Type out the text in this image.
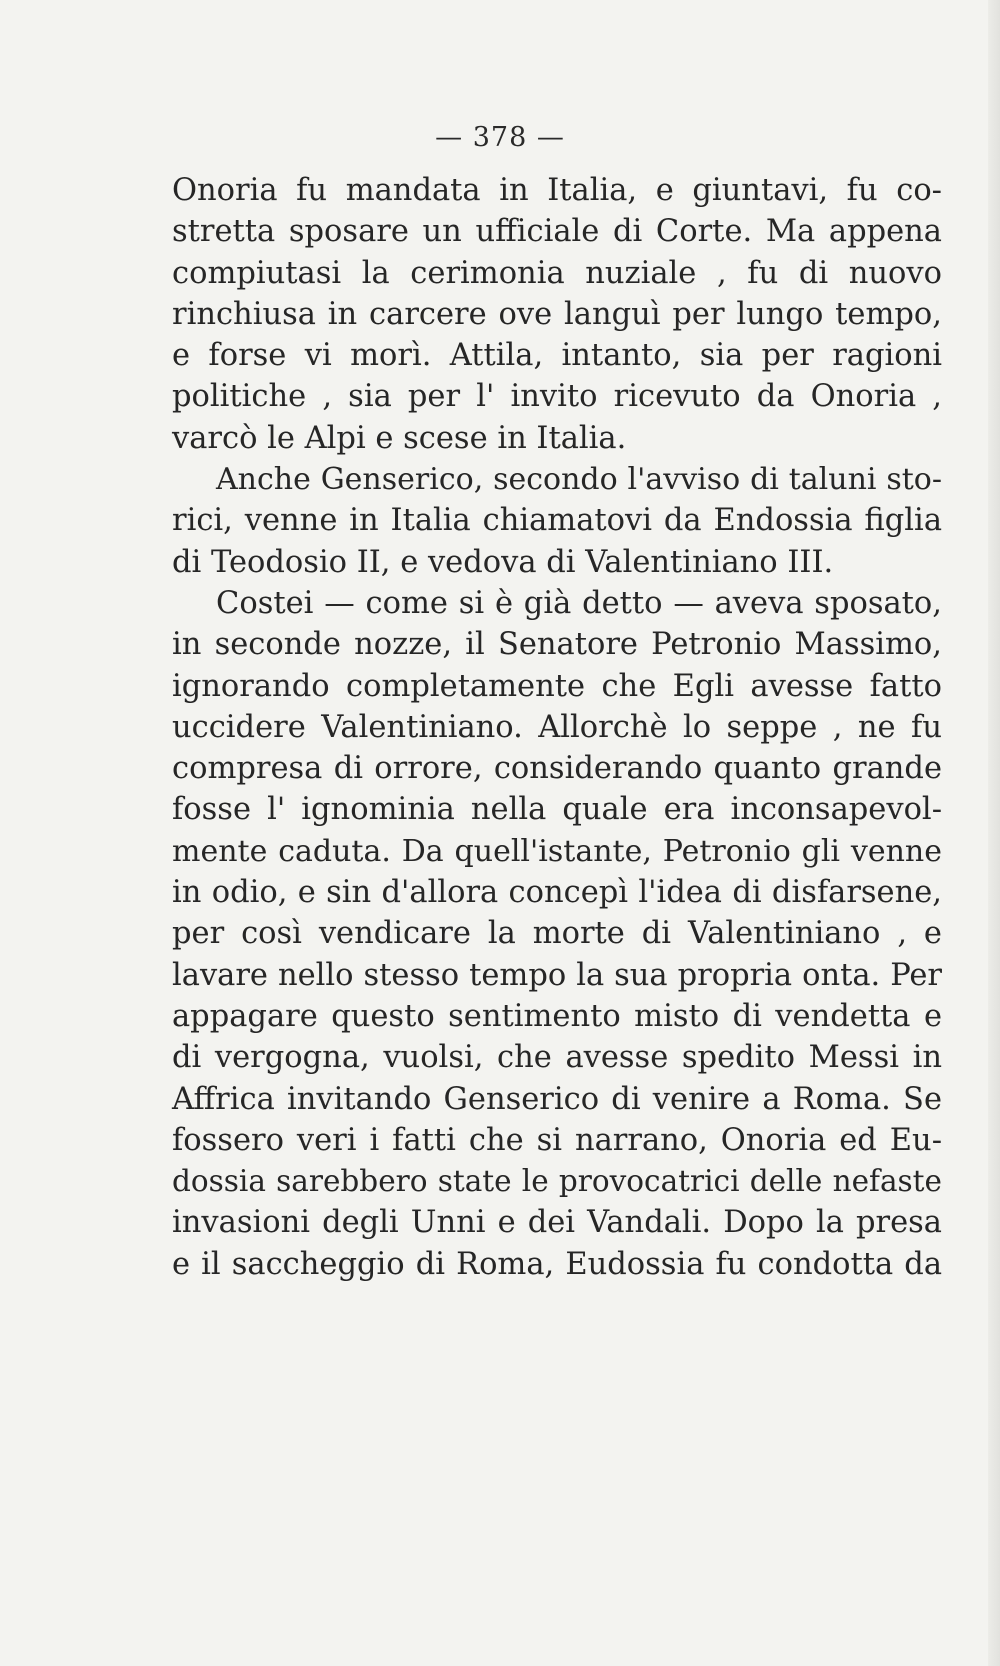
— 378 —
Onoria fu mandata in Italia, e giuntavi, fu co-
stretta sposare un ufficiale di Corte. Ma appena
compiutasi la cerimonia nuziale , fu di nuovo
rinchiusa in carcere ove languì per lungo tempo,
e forse vi morì. Attila, intanto, sia per ragioni
politiche , sia per l' invito ricevuto da Onoria ,
varcò le Alpi e scese in Italia.
Anche Genserico, secondo l'avviso di taluni sto-
rici, venne in Italia chiamatovi da Endossia figlia
di Teodosio II, e vedova di Valentiniano III.
Costei — come si è già detto — aveva sposato,
in seconde nozze, il Senatore Petronio Massimo,
ignorando completamente che Egli avesse fatto
uccidere Valentiniano. Allorchè lo seppe , ne fu
compresa di orrore, considerando quanto grande
fosse l' ignominia nella quale era inconsapevol-
mente caduta. Da quell'istante, Petronio gli venne
in odio, e sin d'allora concepì l'idea di disfarsene,
per così vendicare la morte di Valentiniano , e
lavare nello stesso tempo la sua propria onta. Per
appagare questo sentimento misto di vendetta e
di vergogna, vuolsi, che avesse spedito Messi in
Affrica invitando Genserico di venire a Roma. Se
fossero veri i fatti che si narrano, Onoria ed Eu-
dossia sarebbero state le provocatrici delle nefaste
invasioni degli Unni e dei Vandali. Dopo la presa
e il saccheggio di Roma, Eudossia fu condotta da
